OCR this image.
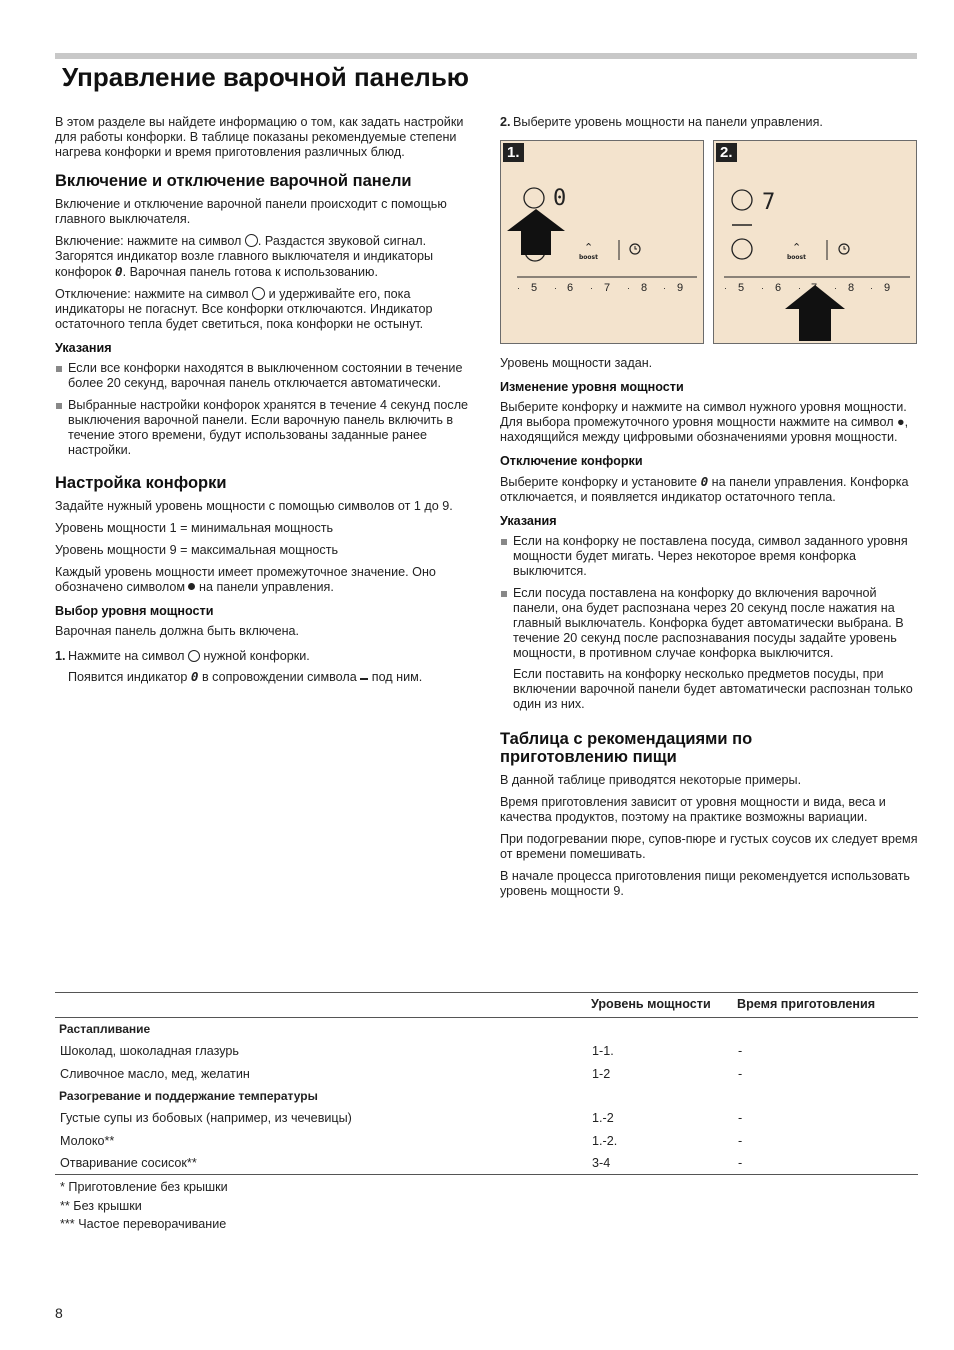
Управление варочной панелью

В этом разделе вы найдете информацию о том, как задать настройки для работы конфорки. В таблице показаны рекомендуемые степени нагрева конфорки и время приготовления различных блюд.

Включение и отключение варочной панели

Включение и отключение варочной панели происходит с помощью главного выключателя.

Включение: нажмите на символ . Раздастся звуковой сигнал. Загорятся индикатор возле главного выключателя и индикаторы конфорок 0. Варочная панель готова к использованию.

Отключение: нажмите на символ  и удерживайте его, пока индикаторы не погаснут. Все конфорки отключаются. Индикатор остаточного тепла будет светиться, пока конфорки не остынут.

Указания
Если все конфорки находятся в выключенном состоянии в течение более 20 секунд, варочная панель отключается автоматически.
Выбранные настройки конфорок хранятся в течение 4 секунд после выключения варочной панели. Если варочную панель включить в течение этого времени, будут использованы заданные ранее настройки.
Настройка конфорки

Задайте нужный уровень мощности с помощью символов от 1 до 9.

Уровень мощности 1 = минимальная мощность

Уровень мощности 9 = максимальная мощность

Каждый уровень мощности имеет промежуточное значение. Оно обозначено символом  на панели управления.

Выбор уровня мощности

Варочная панель должна быть включена.

1. Нажмите на символ  нужной конфорки.

Появится индикатор 0 в сопровождении символа  под ним.

2. Выберите уровень мощности на панели управления.
1.
0
⌃
boost
· 5 · 6 · 7 · 8 · 9
2.
7
⌃
boost
· 5 · 6 ·	· 8 · 9

Уровень мощности задан.

Изменение уровня мощности

Выберите конфорку и нажмите на символ нужного уровня мощности. Для выбора промежуточного уровня мощности нажмите на символ ●, находящийся между цифровыми обозначениями уровня мощности.

Отключение конфорки

Выберите конфорку и установите 0 на панели управления. Конфорка отключается, и появляется индикатор остаточного тепла.

Указания
Если на конфорку не поставлена посуда, символ заданного уровня мощности будет мигать. Через некоторое время конфорка выключится.
Если посуда поставлена на конфорку до включения варочной панели, она будет распознана через 20 секунд после нажатия на главный выключатель. Конфорка будет автоматически выбрана. В течение 20 секунд после распознавания посуды задайте уровень мощности, в противном случае конфорка выключится.

Если поставить на конфорку несколько предметов посуды, при включении варочной панели будет автоматически распознан только один из них.

Таблица с рекомендациями по приготовлению пищи

В данной таблице приводятся некоторые примеры.

Время приготовления зависит от уровня мощности и вида, веса и качества продуктов, поэтому на практике возможны вариации.

При подогревании пюре, супов-пюре и густых соусов их следует время от времени помешивать.

В начале процесса приготовления пищи рекомендуется использовать уровень мощности 9.

	Уровень мощности	Время приготовления
Растапливание		
Шоколад, шоколадная глазурь	1-1.	-
Сливочное масло, мед, желатин	1-2	-
Разогревание и поддержание температуры		
Густые супы из бобовых (например, из чечевицы)	1.-2	-
Молоко**	1.-2.	-
Отваривание сосисок**	3-4	-
* Приготовление без крышки
** Без крышки
*** Частое переворачивание
8
